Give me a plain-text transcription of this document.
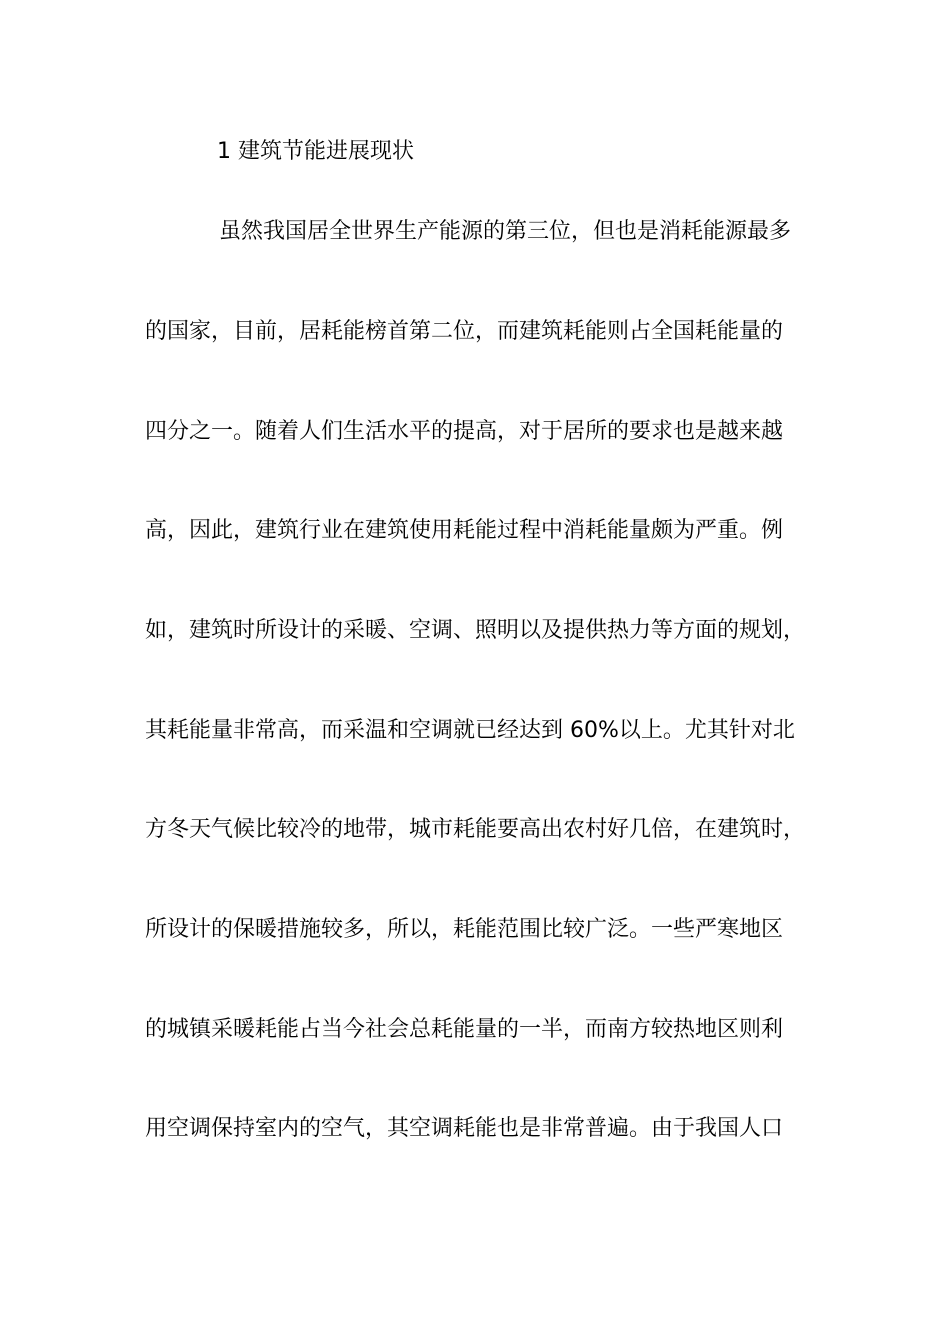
1 建筑节能进展现状
虽然我国居全世界生产能源的第三位，但也是消耗能源最多
的国家，目前，居耗能榜首第二位，而建筑耗能则占全国耗能量的
四分之一。随着人们生活水平的提高，对于居所的要求也是越来越
高，因此，建筑行业在建筑使用耗能过程中消耗能量颇为严重。例
如，建筑时所设计的采暖、空调、照明以及提供热力等方面的规划，
其耗能量非常高，而采温和空调就已经达到 60%以上。尤其针对北
方冬天气候比较冷的地带，城市耗能要高出农村好几倍，在建筑时，
所设计的保暖措施较多，所以，耗能范围比较广泛。一些严寒地区
的城镇采暖耗能占当今社会总耗能量的一半，而南方较热地区则利
用空调保持室内的空气，其空调耗能也是非常普遍。由于我国人口
